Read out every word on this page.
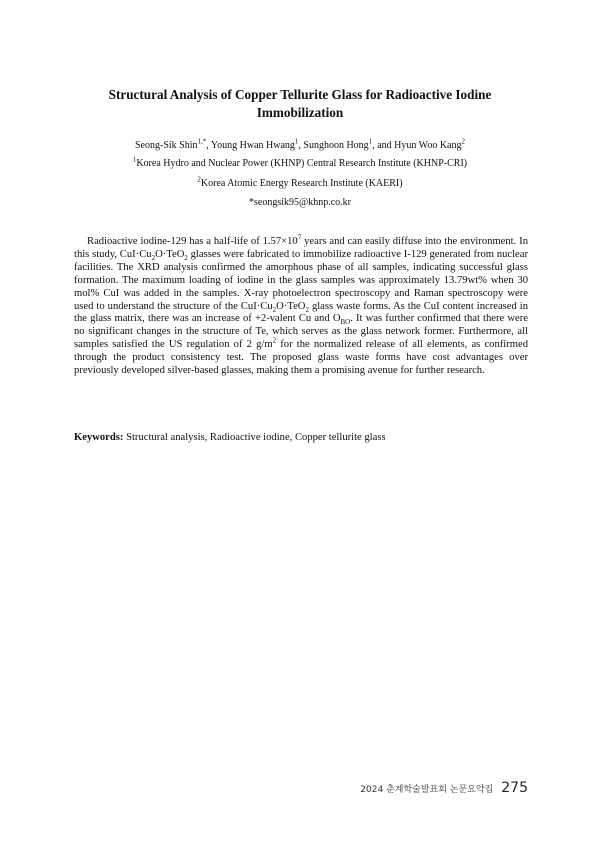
Structural Analysis of Copper Tellurite Glass for Radioactive Iodine Immobilization
Seong-Sik Shin$^{1,*}$, Young Hwan Hwang$^1$, Sunghoon Hong$^1$, and Hyun Woo Kang$^2$
$^1$Korea Hydro and Nuclear Power (KHNP) Central Research Institute (KHNP-CRI)
$^2$Korea Atomic Energy Research Institute (KAERI)
*seongsik95@khnp.co.kr

Radioactive iodine-129 has a half-life of $1.57\times 10^7$ years and can easily diffuse into the environment. In this study, $CuI\cdot Cu_2O\cdot TeO_2$ glasses were fabricated to immobilize radioactive I-129 generated from nuclear facilities. The XRD analysis confirmed the amorphous phase of all samples, indicating successful glass formation. The maximum loading of iodine in the glass samples was approximately 13.79wt% when 30 mol% CuI was added in the samples. X-ray photoelectron spectroscopy and Raman spectroscopy were used to understand the structure of the $CuI\cdot Cu_2O\cdot TeO_2$ glass waste forms. As the CuI content increased in the glass matrix, there was an increase of +2-valent Cu and $O_{BO}$. It was further confirmed that there were no significant changes in the structure of Te, which serves as the glass network former. Furthermore, all samples satisfied the US regulation of 2 $g/m^2$ for the normalized release of all elements, as confirmed through the product consistency test. The proposed glass waste forms have cost advantages over previously developed silver-based glasses, making them a promising avenue for further research.

Keywords: Structural analysis, Radioactive iodine, Copper tellurite glass

2024 춘계학술발표회 논문요약집 275
